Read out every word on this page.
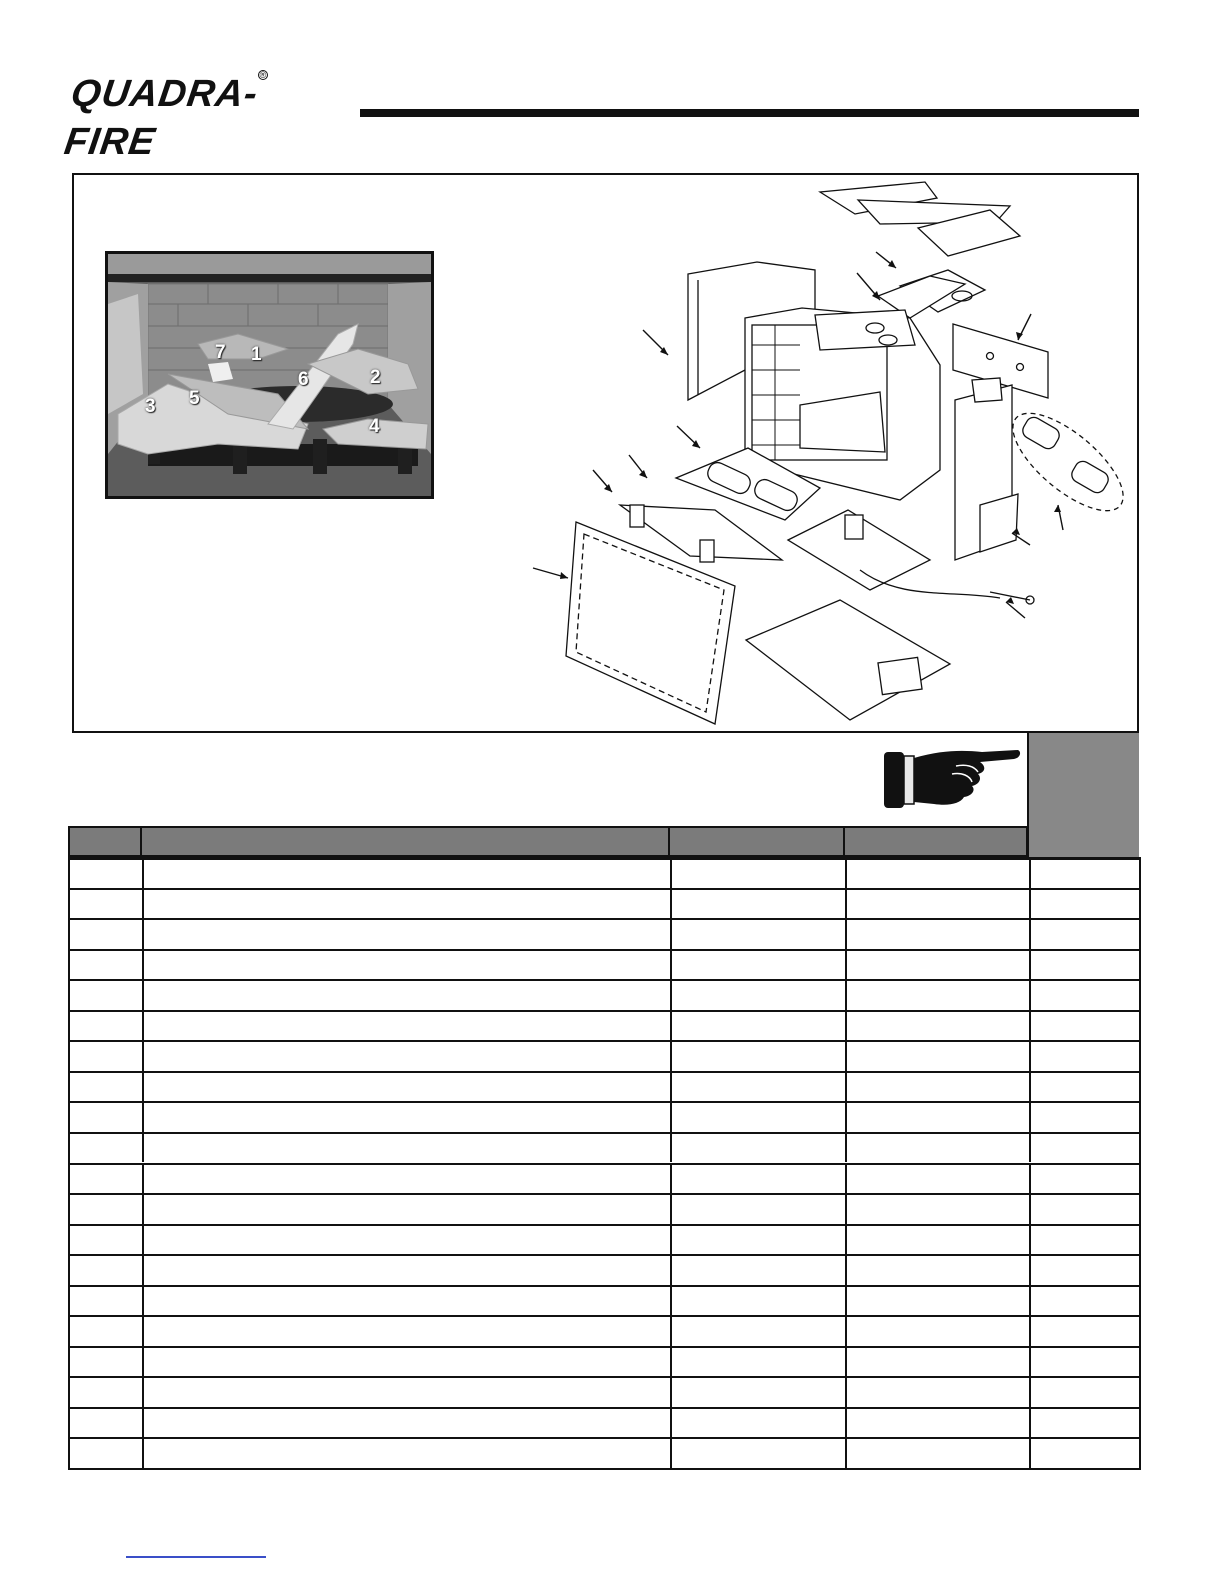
QUADRA-FIRE
®
7 1
6	2
3 5
4
